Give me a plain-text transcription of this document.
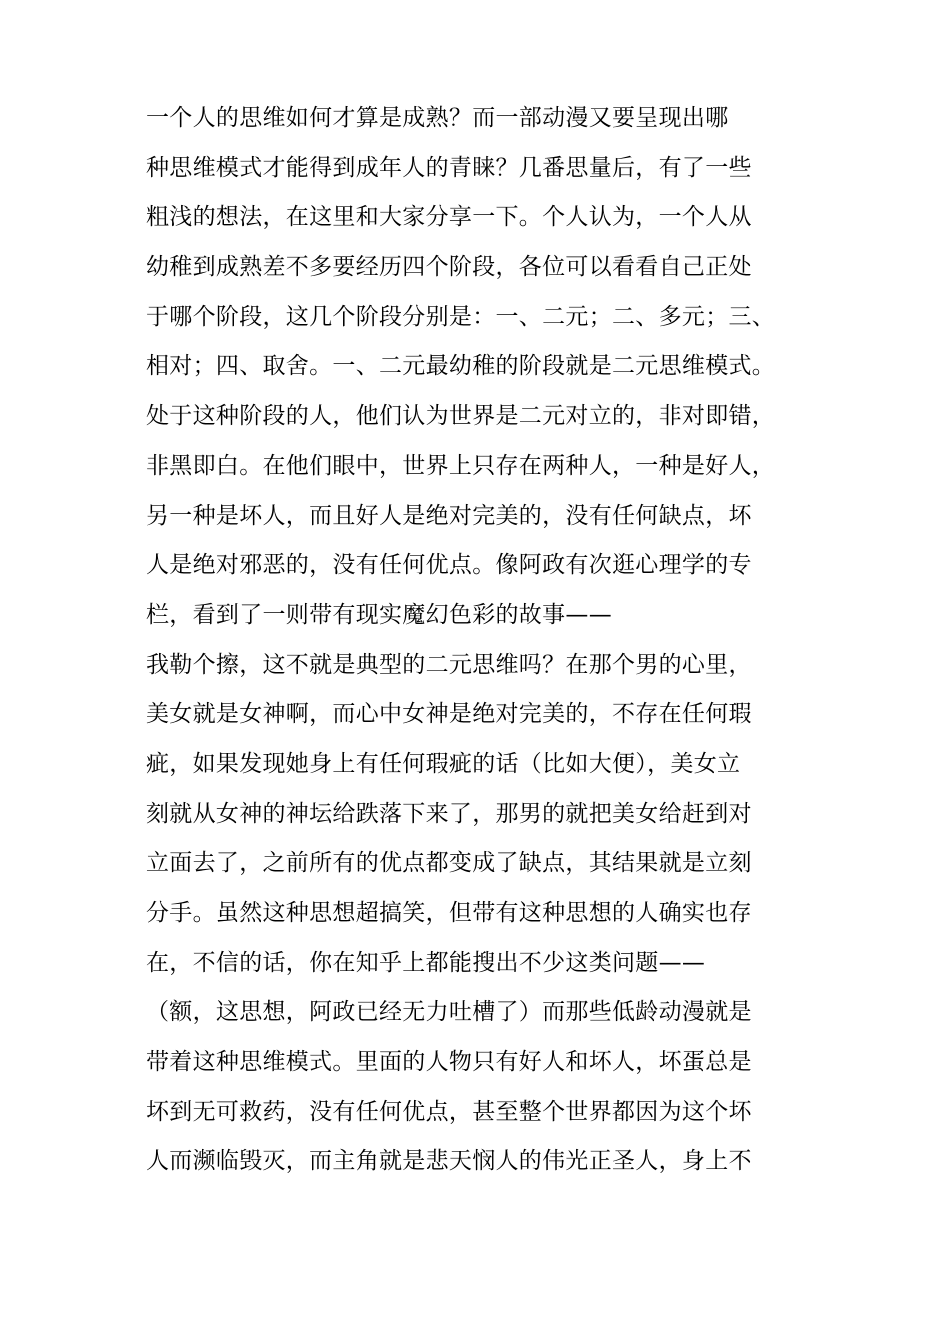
一个人的思维如何才算是成熟？而一部动漫又要呈现出哪
种思维模式才能得到成年人的青睐？几番思量后，有了一些
粗浅的想法，在这里和大家分享一下。个人认为，一个人从
幼稚到成熟差不多要经历四个阶段，各位可以看看自己正处
于哪个阶段，这几个阶段分别是：一、二元；二、多元；三、
相对；四、取舍。一、二元最幼稚的阶段就是二元思维模式。
处于这种阶段的人，他们认为世界是二元对立的，非对即错，
非黑即白。在他们眼中，世界上只存在两种人，一种是好人，
另一种是坏人，而且好人是绝对完美的，没有任何缺点，坏
人是绝对邪恶的，没有任何优点。像阿政有次逛心理学的专
栏，看到了一则带有现实魔幻色彩的故事——
我勒个擦，这不就是典型的二元思维吗？在那个男的心里，
美女就是女神啊，而心中女神是绝对完美的，不存在任何瑕
疵，如果发现她身上有任何瑕疵的话（比如大便），美女立
刻就从女神的神坛给跌落下来了，那男的就把美女给赶到对
立面去了，之前所有的优点都变成了缺点，其结果就是立刻
分手。虽然这种思想超搞笑，但带有这种思想的人确实也存
在，不信的话，你在知乎上都能搜出不少这类问题——
（额，这思想，阿政已经无力吐槽了）而那些低龄动漫就是
带着这种思维模式。里面的人物只有好人和坏人，坏蛋总是
坏到无可救药，没有任何优点，甚至整个世界都因为这个坏
人而濒临毁灭，而主角就是悲天悯人的伟光正圣人，身上不
